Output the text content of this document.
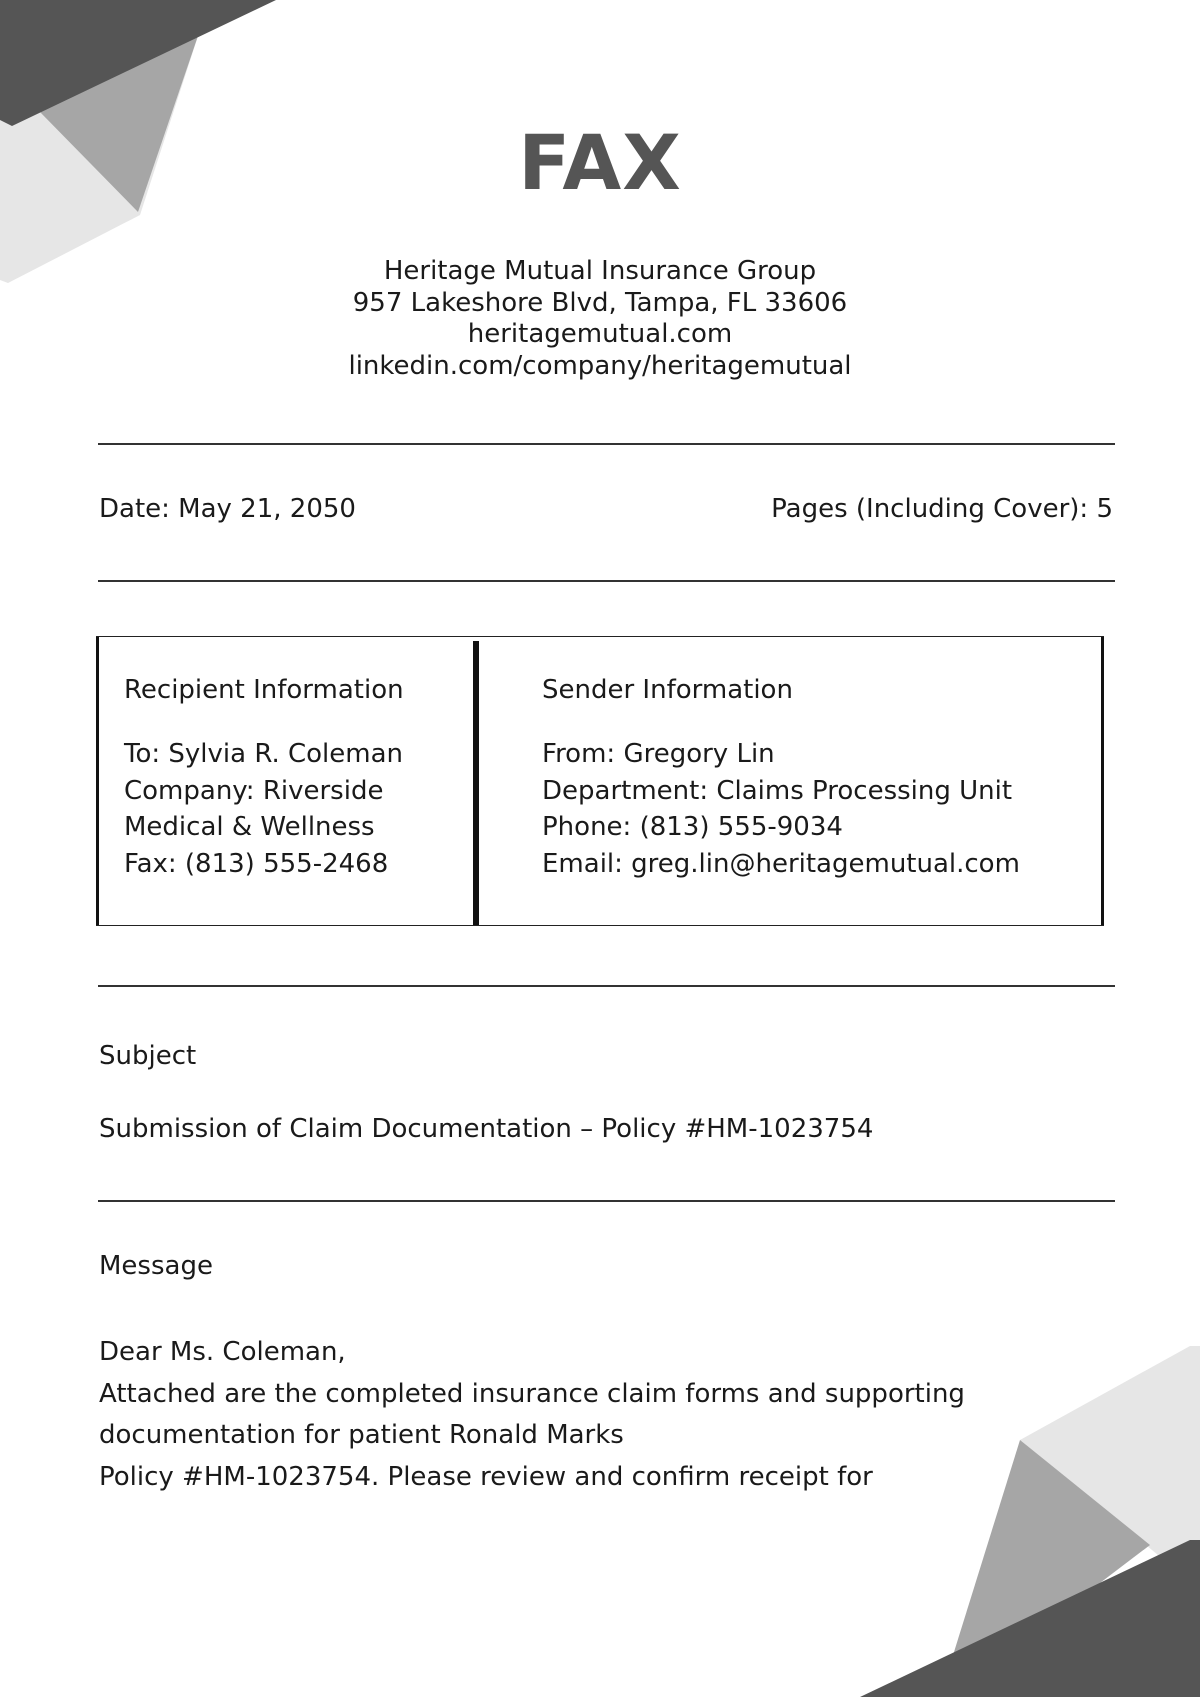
FAX
Heritage Mutual Insurance Group
957 Lakeshore Blvd, Tampa, FL 33606
heritagemutual.com
linkedin.com/company/heritagemutual
Date: May 21, 2050	Pages (Including Cover): 5
Recipient Information
To: Sylvia R. Coleman
Company: Riverside
Medical & Wellness
Fax: (813) 555-2468
Sender Information
From: Gregory Lin
Department: Claims Processing Unit
Phone: (813) 555-9034
Email: greg.lin@heritagemutual.com
Subject
Submission of Claim Documentation – Policy #HM-1023754
Message
Dear Ms. Coleman,
Attached are the completed insurance claim forms and supporting
documentation for patient Ronald Marks
Policy #HM-1023754. Please review and confirm receipt for
